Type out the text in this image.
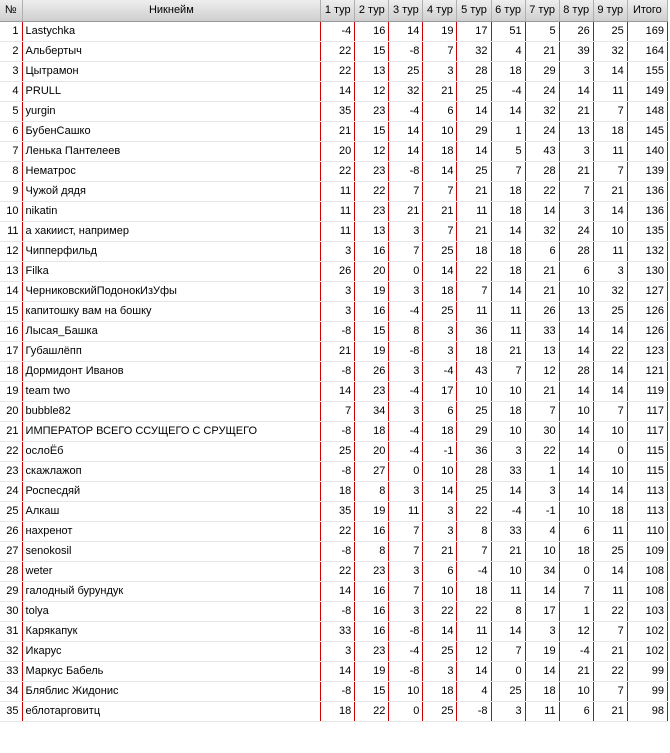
№	Никнейм	1 тур	2 тур	3 тур	4 тур	5 тур	6 тур	7 тур	8 тур	9 тур	Итого
1	Lastychka	-4	16	14	19	17	51	5	26	25	169
2	Альбертыч	22	15	-8	7	32	4	21	39	32	164
3	Цытрамон	22	13	25	3	28	18	29	3	14	155
4	PRULL	14	12	32	21	25	-4	24	14	11	149
5	yurgin	35	23	-4	6	14	14	32	21	7	148
6	БубенСашко	21	15	14	10	29	1	24	13	18	145
7	Ленька Пантелеев	20	12	14	18	14	5	43	3	11	140
8	Нематрос	22	23	-8	14	25	7	28	21	7	139
9	Чужой дядя	11	22	7	7	21	18	22	7	21	136
10	nikatin	11	23	21	21	11	18	14	3	14	136
11	а хакиист, например	11	13	3	7	21	14	32	24	10	135
12	Чипперфильд	3	16	7	25	18	18	6	28	11	132
13	Filka	26	20	0	14	22	18	21	6	3	130
14	ЧерниковскийПодонокИзУфы	3	19	3	18	7	14	21	10	32	127
15	капитошку вам на бошку	3	16	-4	25	11	11	26	13	25	126
16	Лысая_Башка	-8	15	8	3	36	11	33	14	14	126
17	Губашлёпп	21	19	-8	3	18	21	13	14	22	123
18	Дормидонт Иванов	-8	26	3	-4	43	7	12	28	14	121
19	team two	14	23	-4	17	10	10	21	14	14	119
20	bubble82	7	34	3	6	25	18	7	10	7	117
21	ИМПЕРАТОР ВСЕГО ССУЩЕГО С СРУЩЕГО	-8	18	-4	18	29	10	30	14	10	117
22	ocлоЁб	25	20	-4	-1	36	3	22	14	0	115
23	скажлажоп	-8	27	0	10	28	33	1	14	10	115
24	Роспесдяй	18	8	3	14	25	14	3	14	14	113
25	Алкаш	35	19	11	3	22	-4	-1	10	18	113
26	нахренот	22	16	7	3	8	33	4	6	11	110
27	senokosil	-8	8	7	21	7	21	10	18	25	109
28	weter	22	23	3	6	-4	10	34	0	14	108
29	галодный бурундук	14	16	7	10	18	11	14	7	11	108
30	tolya	-8	16	3	22	22	8	17	1	22	103
31	Карякапук	33	16	-8	14	11	14	3	12	7	102
32	Икарус	3	23	-4	25	12	7	19	-4	21	102
33	Маркус Бабель	14	19	-8	3	14	0	14	21	22	99
34	Бляблис Жидонис	-8	15	10	18	4	25	18	10	7	99
35	еблотарговитц	18	22	0	25	-8	3	11	6	21	98
